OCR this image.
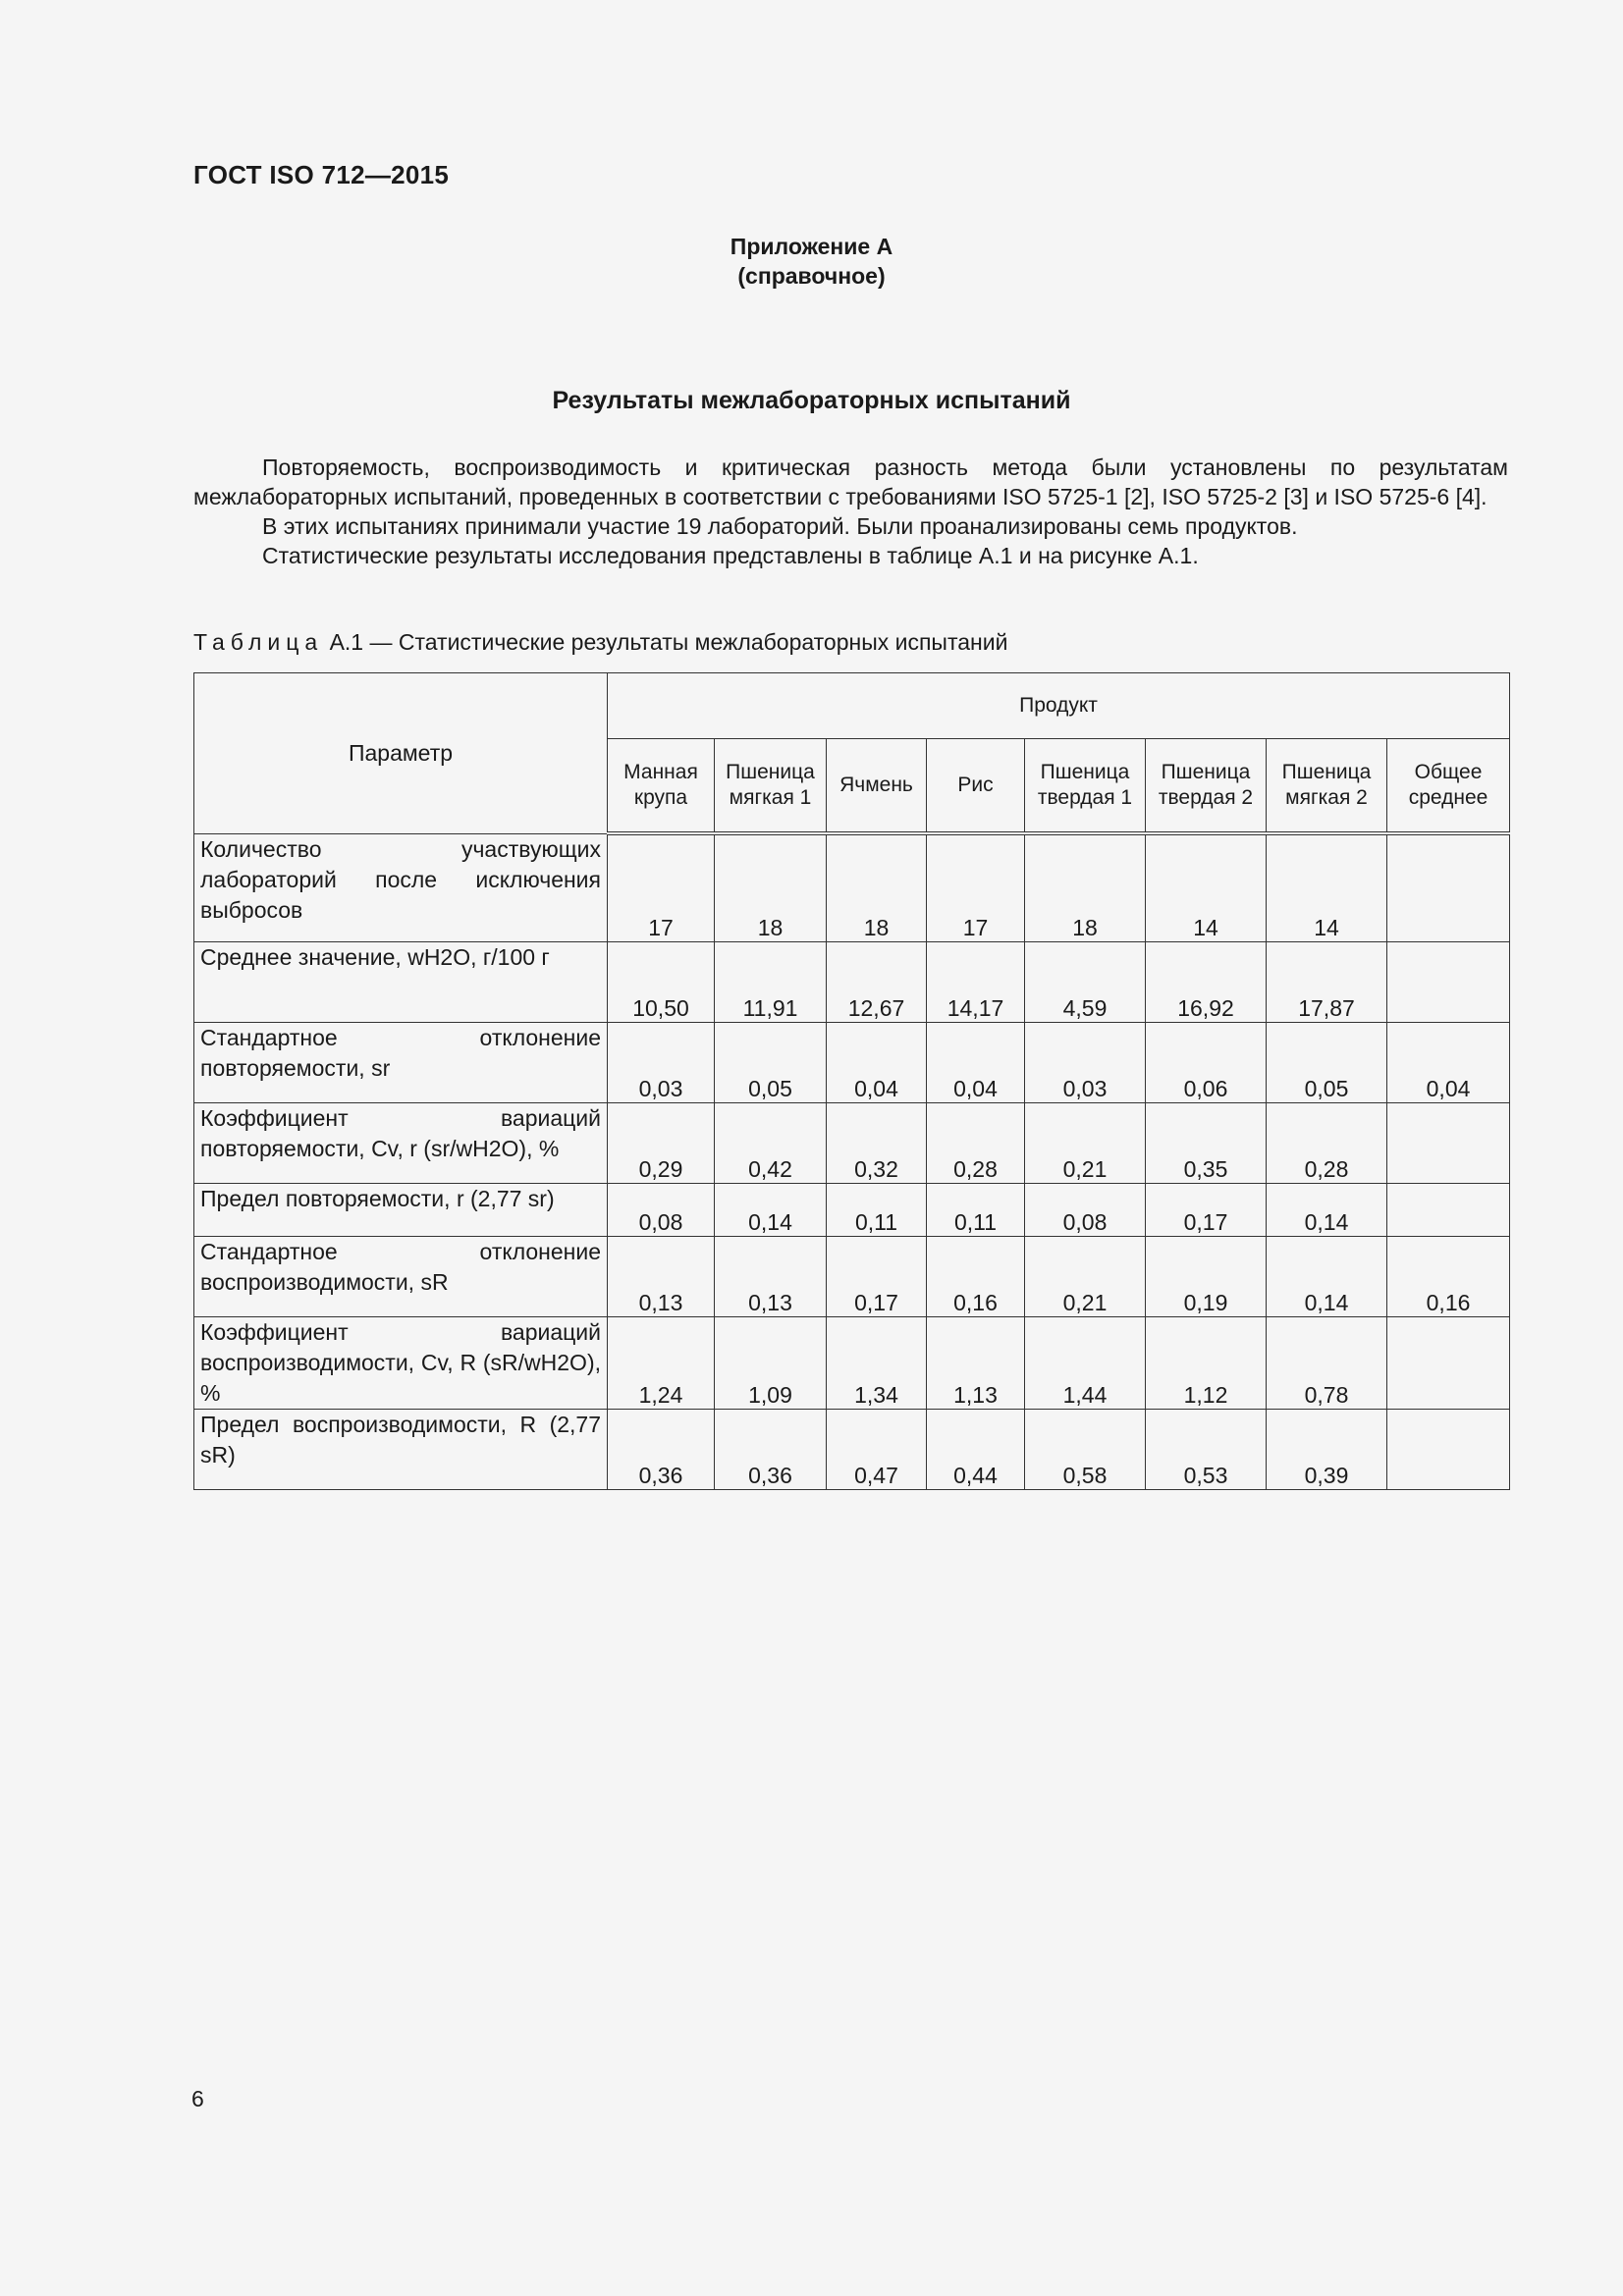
ГОСТ ISO 712—2015
Приложение А
(справочное)
Результаты межлабораторных испытаний

Повторяемость, воспроизводимость и критическая разность метода были установлены по результатам межлабораторных испытаний, проведенных в соответствии с требованиями ISO 5725-1 [2], ISO 5725-2 [3] и ISO 5725-6 [4].

В этих испытаниях принимали участие 19 лабораторий. Были проанализированы семь продуктов.

Статистические результаты исследования представлены в таблице А.1 и на рисунке А.1.

Таблица А.1 — Статистические результаты межлабораторных испытаний
Параметр	Продукт							
	Манная крупа	Пшеница мягкая 1	Ячмень	Рис	Пшеница твердая 1	Пшеница твердая 2	Пшеница мягкая 2	Общее среднее
Количество участвующих лабораторий после исключения выбросов	17	18	18	17	18	14	14	
Среднее значение, wH2O, г/100 г	10,50	11,91	12,67	14,17	4,59	16,92	17,87	
Стандартное отклонение повторяемости, sr	0,03	0,05	0,04	0,04	0,03	0,06	0,05	0,04
Коэффициент вариаций повторяемости, Cv, r (sr/wH2O), %	0,29	0,42	0,32	0,28	0,21	0,35	0,28	
Предел повторяемости, r (2,77 sr)	0,08	0,14	0,11	0,11	0,08	0,17	0,14	
Стандартное отклонение воспроизводимости, sR	0,13	0,13	0,17	0,16	0,21	0,19	0,14	0,16
Коэффициент вариаций воспроизводимости, Cv, R (sR/wH2O), %	1,24	1,09	1,34	1,13	1,44	1,12	0,78	
Предел воспроизводимости, R (2,77 sR)	0,36	0,36	0,47	0,44	0,58	0,53	0,39	
6
